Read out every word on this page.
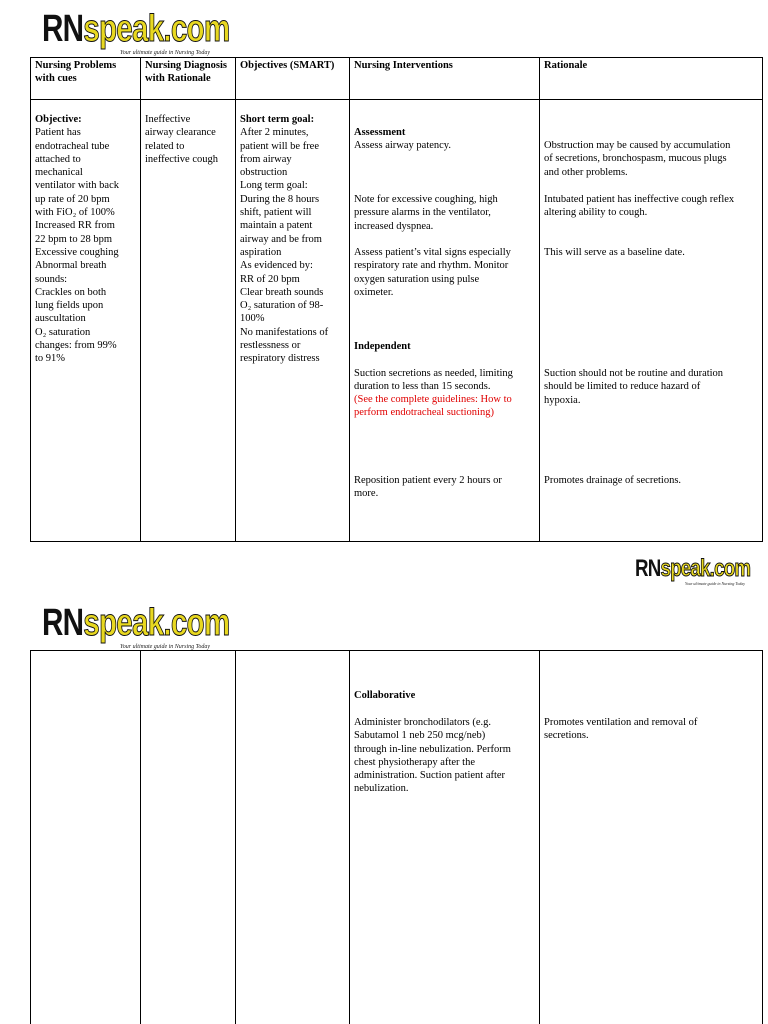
RNspeak.com
Your ultimate guide in Nursing Today
Nursing Problems with cues
Nursing Diagnosis with Rationale
Objectives (SMART)	Nursing Interventions	Rationale
Objective:
Patient has
endotracheal tube
attached to
mechanical
ventilator with back
up rate of 20 bpm
with FiO₂ of 100%
Increased RR from
22 bpm to 28 bpm
Excessive coughing
Abnormal breath
sounds:
Crackles on both
lung fields upon
auscultation
O₂ saturation
changes: from 99%
to 91%
Ineffective
airway clearance
related to
ineffective cough
Short term goal:
After 2 minutes,
patient will be free
from airway
obstruction
Long term goal:
During the 8 hours
shift, patient will
maintain a patent
airway and be from
aspiration
As evidenced by:
RR of 20 bpm
Clear breath sounds
O₂ saturation of 98-
100%
No manifestations of
restlessness or
respiratory distress
Assessment
Assess airway patency.
Note for excessive coughing, high
pressure alarms in the ventilator,
increased dyspnea.
Assess patient’s vital signs especially
respiratory rate and rhythm. Monitor
oxygen saturation using pulse
oximeter.
Independent
Suction secretions as needed, limiting
duration to less than 15 seconds.
(See the complete guidelines: How to
perform endotracheal suctioning)
Reposition patient every 2 hours or
more.
Obstruction may be caused by accumulation
of secretions, bronchospasm, mucous plugs
and other problems.
Intubated patient has ineffective cough reflex
altering ability to cough.
This will serve as a baseline date.
Suction should not be routine and duration
should be limited to reduce hazard of
hypoxia.
Promotes drainage of secretions.
RNspeak.com
Your ultimate guide in Nursing Today
RNspeak.com
Your ultimate guide in Nursing Today
Collaborative
Administer bronchodilators (e.g.
Sabutamol 1 neb 250 mcg/neb)
through in-line nebulization. Perform
chest physiotherapy after the
administration. Suction patient after
nebulization.
Promotes ventilation and removal of
secretions.
